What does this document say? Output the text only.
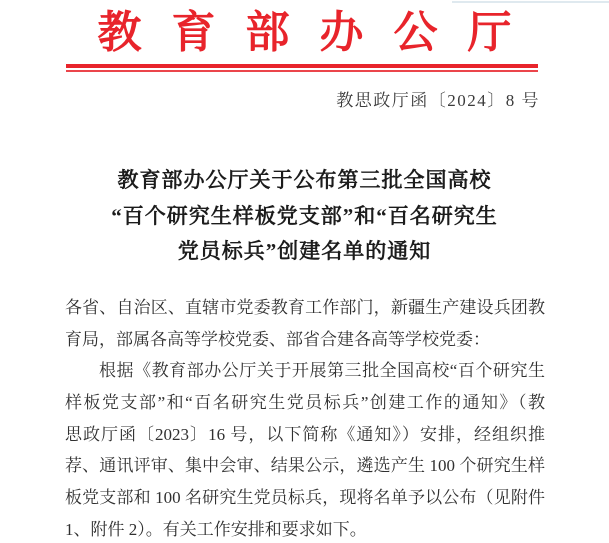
教育部办公厅
教思政厅函〔2024〕8 号
教育部办公厅关于公布第三批全国高校
“百个研究生样板党支部”和“百名研究生
党员标兵”创建名单的通知
各省、自治区、直辖市党委教育工作部门，新疆生产建设兵团教
育局，部属各高等学校党委、部省合建各高等学校党委：
根据《教育部办公厅关于开展第三批全国高校“百个研究生
样板党支部”和“百名研究生党员标兵”创建工作的通知》（教
思政厅函〔2023〕16 号，以下简称《通知》）安排，经组织推
荐、通讯评审、集中会审、结果公示，遴选产生 100 个研究生样
板党支部和 100 名研究生党员标兵，现将名单予以公布（见附件
1、附件 2）。有关工作安排和要求如下。
